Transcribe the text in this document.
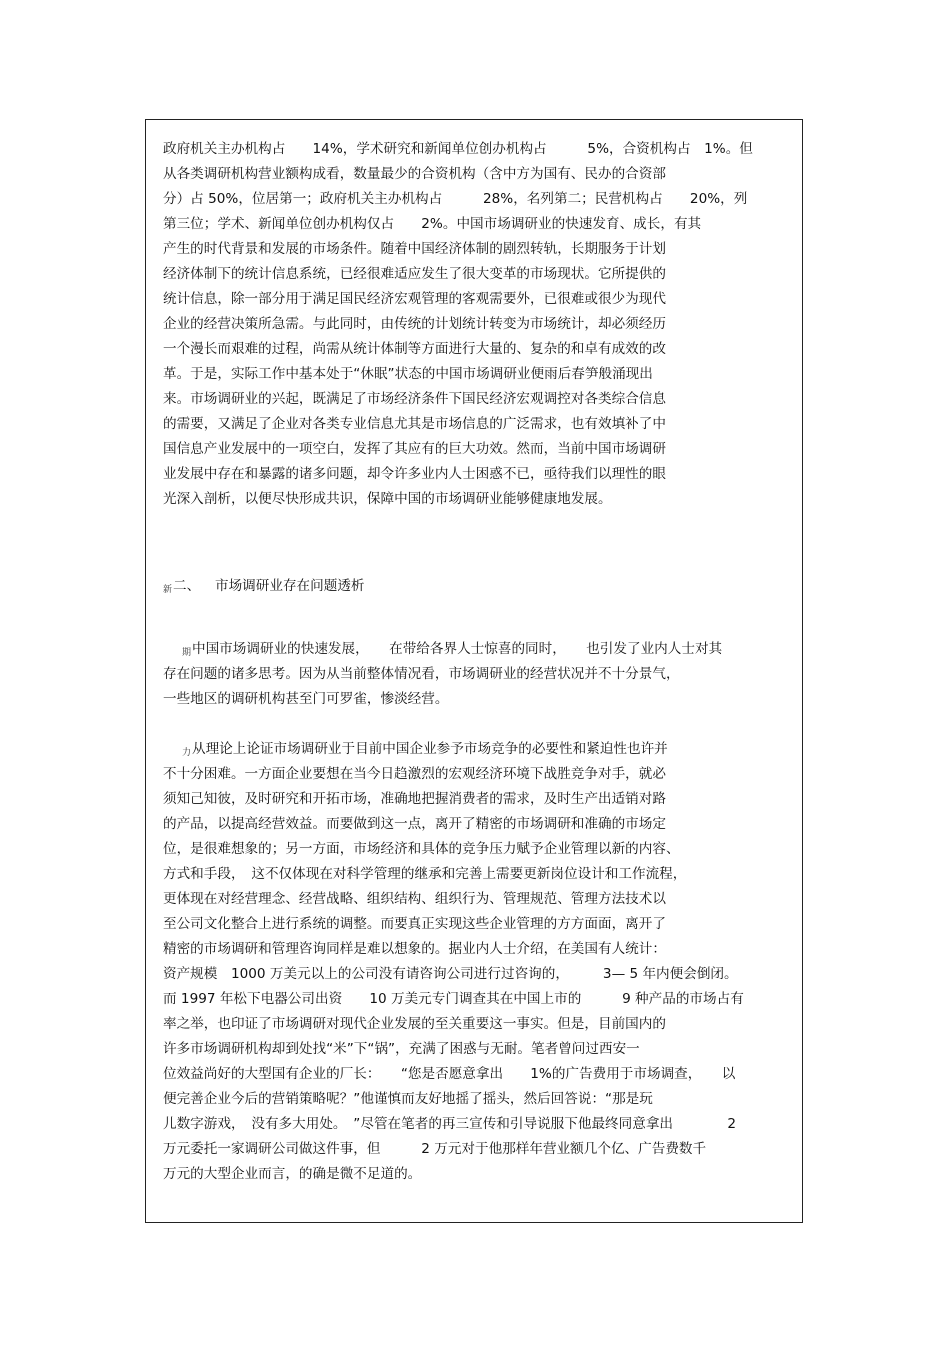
政府机关主办机构占　　14%，学术研究和新闻单位创办机构占　　　5%，合资机构占　1%。但
从各类调研机构营业额构成看，数量最少的合资机构（含中方为国有、民办的合资部
分）占 50%，位居第一；政府机关主办机构占　　　28%，名列第二；民营机构占　　20%，列
第三位；学术、新闻单位创办机构仅占　　2%。中国市场调研业的快速发育、成长，有其
产生的时代背景和发展的市场条件。随着中国经济体制的剧烈转轨，长期服务于计划
经济体制下的统计信息系统，已经很难适应发生了很大变革的市场现状。它所提供的
统计信息，除一部分用于满足国民经济宏观管理的客观需要外，已很难或很少为现代
企业的经营决策所急需。与此同时，由传统的计划统计转变为市场统计，却必须经历
一个漫长而艰难的过程，尚需从统计体制等方面进行大量的、复杂的和卓有成效的改
革。于是，实际工作中基本处于“休眠”状态的中国市场调研业便雨后春笋般涌现出
来。市场调研业的兴起，既满足了市场经济条件下国民经济宏观调控对各类综合信息
的需要，又满足了企业对各类专业信息尤其是市场信息的广泛需求，也有效填补了中
国信息产业发展中的一项空白，发挥了其应有的巨大功效。然而，当前中国市场调研
业发展中存在和暴露的诸多问题，却令许多业内人士困惑不已，亟待我们以理性的眼
光深入剖析，以便尽快形成共识，保障中国的市场调研业能够健康地发展。
新 二、 市场调研业存在问题透析
期 中国市场调研业的快速发展，　　在带给各界人士惊喜的同时，　　也引发了业内人士对其
存在问题的诸多思考。因为从当前整体情况看，市场调研业的经营状况并不十分景气，
一些地区的调研机构甚至门可罗雀，惨淡经营。
力 从理论上论证市场调研业于目前中国企业参予市场竞争的必要性和紧迫性也许并
不十分困难。一方面企业要想在当今日趋激烈的宏观经济环境下战胜竞争对手，就必
须知己知彼，及时研究和开拓市场，准确地把握消费者的需求，及时生产出适销对路
的产品，以提高经营效益。而要做到这一点，离开了精密的市场调研和准确的市场定
位，是很难想象的；另一方面，市场经济和具体的竞争压力赋予企业管理以新的内容、
方式和手段，　这不仅体现在对科学管理的继承和完善上需要更新岗位设计和工作流程，
更体现在对经营理念、经营战略、组织结构、组织行为、管理规范、管理方法技术以
至公司文化整合上进行系统的调整。而要真正实现这些企业管理的方方面面，离开了
精密的市场调研和管理咨询同样是难以想象的。据业内人士介绍，在美国有人统计：
资产规模　1000 万美元以上的公司没有请咨询公司进行过咨询的，　　　3— 5 年内便会倒闭。
而 1997 年松下电器公司出资　　10 万美元专门调查其在中国上市的　　　9 种产品的市场占有
率之举，也印证了市场调研对现代企业发展的至关重要这一事实。但是，目前国内的
许多市场调研机构却到处找“米”下“锅”，充满了困惑与无耐。笔者曾问过西安一
位效益尚好的大型国有企业的厂长：　　“您是否愿意拿出　　1%的广告费用于市场调查，　　以
便完善企业今后的营销策略呢？”他谨慎而友好地摇了摇头，然后回答说：“那是玩
儿数字游戏，　没有多大用处。　”尽管在笔者的再三宣传和引导说服下他最终同意拿出　　　　2
万元委托一家调研公司做这件事，但　　　2 万元对于他那样年营业额几个亿、广告费数千
万元的大型企业而言，的确是微不足道的。
